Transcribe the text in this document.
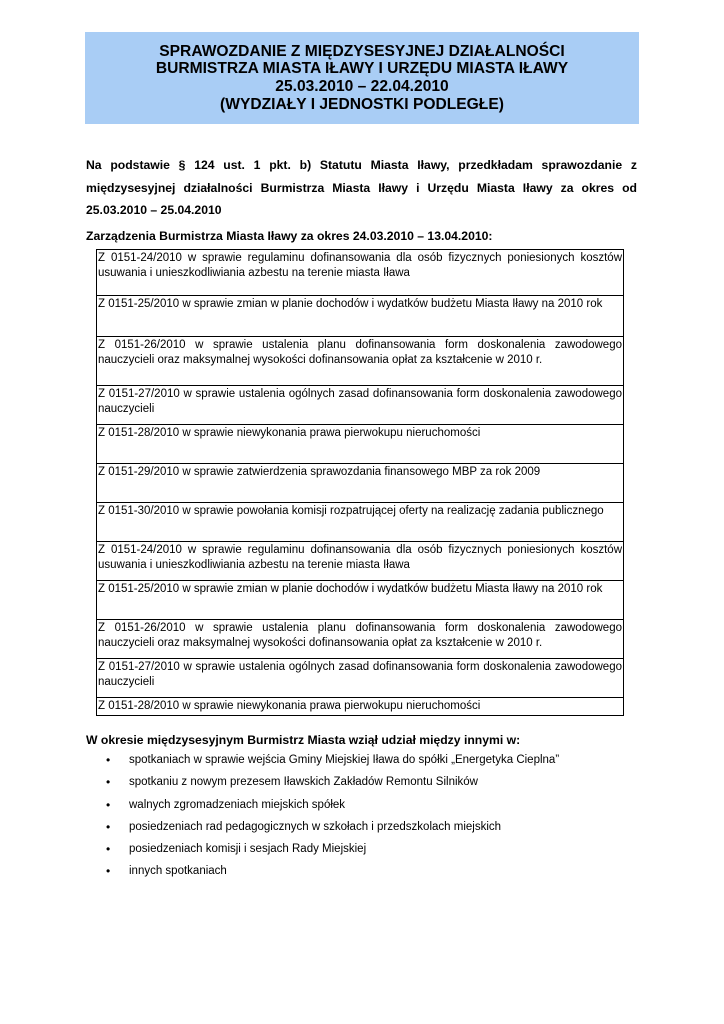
SPRAWOZDANIE Z MIĘDZYSESYJNEJ DZIAŁALNOŚCI
BURMISTRZA MIASTA IŁAWY I URZĘDU MIASTA IŁAWY
25.03.2010 – 22.04.2010
(WYDZIAŁY I JEDNOSTKI PODLEGŁE)

Na podstawie § 124 ust. 1 pkt. b) Statutu Miasta Iławy, przedkładam sprawozdanie z międzysesyjnej działalności Burmistrza Miasta Iławy i Urzędu Miasta Iławy za okres od 25.03.2010 – 25.04.2010

Zarządzenia Burmistrza Miasta Iławy za okres 24.03.2010 – 13.04.2010:
Z 0151-24/2010 w sprawie regulaminu dofinansowania dla osób fizycznych poniesionych kosztów usuwania i unieszkodliwiania azbestu na terenie miasta Iława
Z 0151-25/2010 w sprawie zmian w planie dochodów i wydatków budżetu Miasta Iławy na 2010 rok
Z 0151-26/2010 w sprawie ustalenia planu dofinansowania form doskonalenia zawodowego nauczycieli oraz maksymalnej wysokości dofinansowania opłat za kształcenie w 2010 r.
Z 0151-27/2010 w sprawie ustalenia ogólnych zasad dofinansowania form doskonalenia zawodowego nauczycieli
Z 0151-28/2010 w sprawie niewykonania prawa pierwokupu nieruchomości
Z 0151-29/2010 w sprawie zatwierdzenia sprawozdania finansowego MBP za rok 2009
Z 0151-30/2010 w sprawie powołania komisji rozpatrującej oferty na realizację zadania publicznego
Z 0151-24/2010 w sprawie regulaminu dofinansowania dla osób fizycznych poniesionych kosztów usuwania i unieszkodliwiania azbestu na terenie miasta Iława
Z 0151-25/2010 w sprawie zmian w planie dochodów i wydatków budżetu Miasta Iławy na 2010 rok
Z 0151-26/2010 w sprawie ustalenia planu dofinansowania form doskonalenia zawodowego nauczycieli oraz maksymalnej wysokości dofinansowania opłat za kształcenie w 2010 r.
Z 0151-27/2010 w sprawie ustalenia ogólnych zasad dofinansowania form doskonalenia zawodowego nauczycieli
Z 0151-28/2010 w sprawie niewykonania prawa pierwokupu nieruchomości
W okresie międzysesyjnym Burmistrz Miasta wziął udział między innymi w:
• spotkaniach w sprawie wejścia Gminy Miejskiej Iława do spółki „Energetyka Cieplna”
• spotkaniu z nowym prezesem Iławskich Zakładów Remontu Silników
• walnych zgromadzeniach miejskich spółek
• posiedzeniach rad pedagogicznych w szkołach i przedszkolach miejskich
• posiedzeniach komisji i sesjach Rady Miejskiej
• innych spotkaniach
